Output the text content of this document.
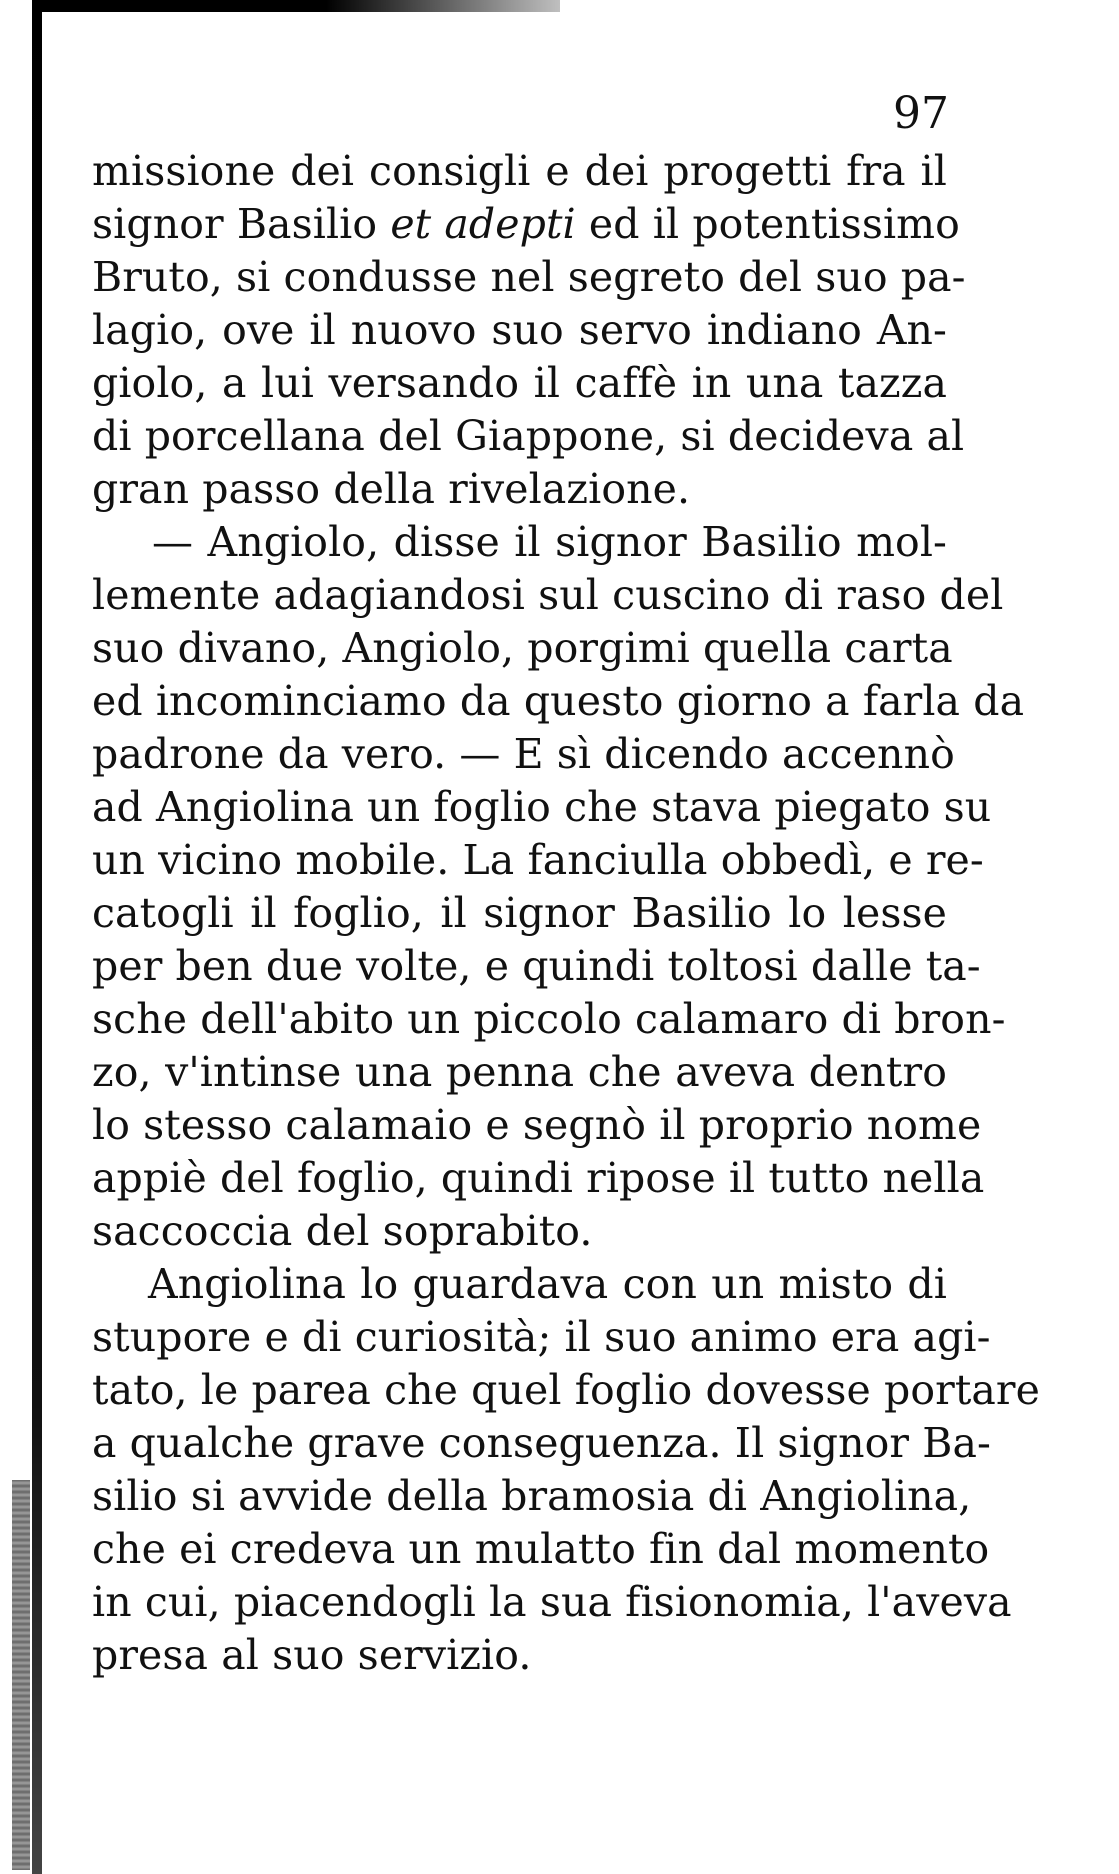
97
missione dei consigli e dei progetti fra il
signor Basilio et adepti ed il potentissimo
Bruto, si condusse nel segreto del suo pa-
lagio, ove il nuovo suo servo indiano An-
giolo, a lui versando il caffè in una tazza
di porcellana del Giappone, si decideva al
gran passo della rivelazione.
— Angiolo, disse il signor Basilio mol-
lemente adagiandosi sul cuscino di raso del
suo divano, Angiolo, porgimi quella carta
ed incominciamo da questo giorno a farla da
padrone da vero. — E sì dicendo accennò
ad Angiolina un foglio che stava piegato su
un vicino mobile. La fanciulla obbedì, e re-
catogli il foglio, il signor Basilio lo lesse
per ben due volte, e quindi toltosi dalle ta-
sche dell'abito un piccolo calamaro di bron-
zo, v'intinse una penna che aveva dentro
lo stesso calamaio e segnò il proprio nome
appiè del foglio, quindi ripose il tutto nella
saccoccia del soprabito.
Angiolina lo guardava con un misto di
stupore e di curiosità; il suo animo era agi-
tato, le parea che quel foglio dovesse portare
a qualche grave conseguenza. Il signor Ba-
silio si avvide della bramosia di Angiolina,
che ei credeva un mulatto fin dal momento
in cui, piacendogli la sua fisionomia, l'aveva
presa al suo servizio.
